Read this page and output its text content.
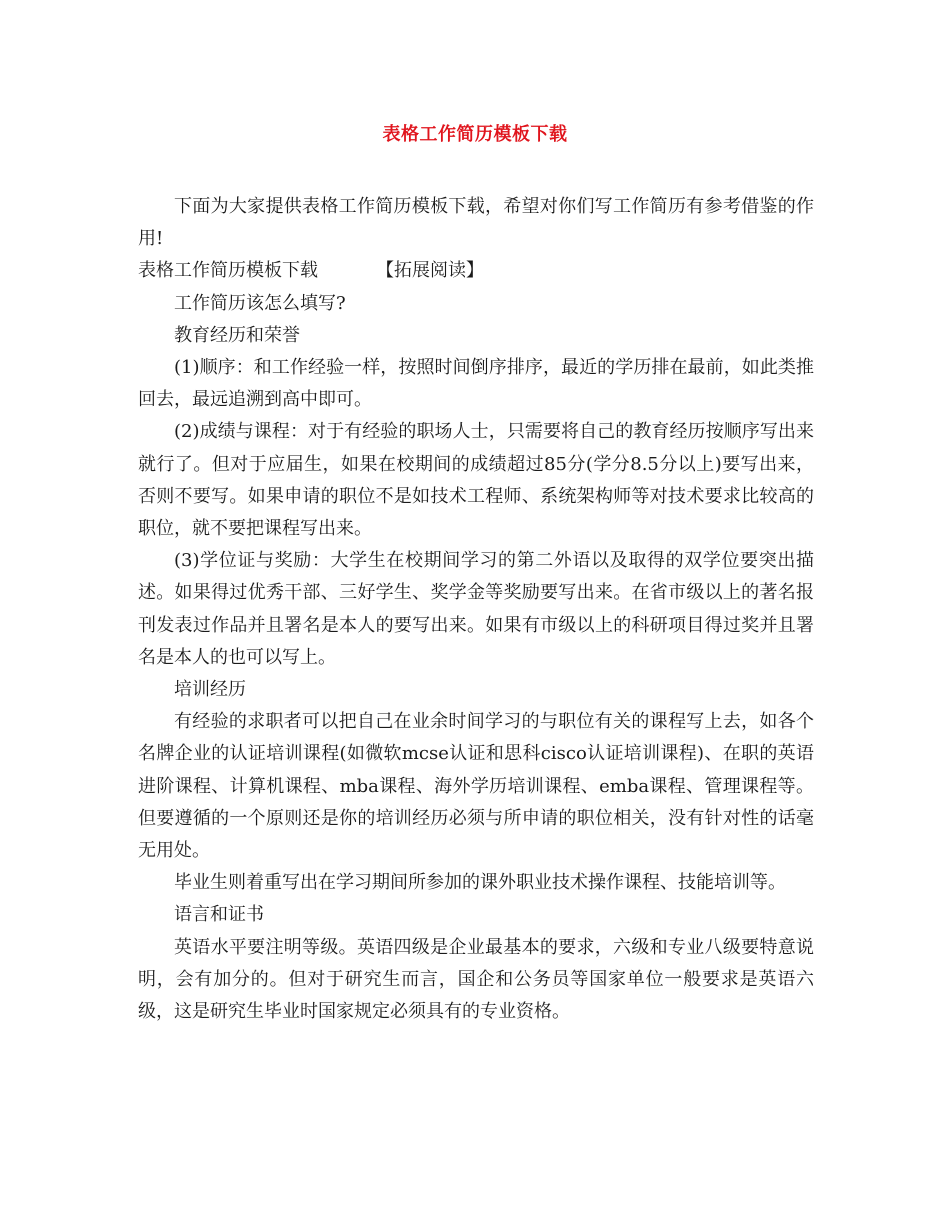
表格工作简历模板下载

下面为大家提供表格工作简历模板下载，希望对你们写工作简历有参考借鉴的作用!

表格工作简历模板下载	【拓展阅读】

工作简历该怎么填写?

教育经历和荣誉

(1)顺序：和工作经验一样，按照时间倒序排序，最近的学历排在最前，如此类推回去，最远追溯到高中即可。

(2)成绩与课程：对于有经验的职场人士，只需要将自己的教育经历按顺序写出来就行了。但对于应届生，如果在校期间的成绩超过85分(学分8.5分以上)要写出来，否则不要写。如果申请的职位不是如技术工程师、系统架构师等对技术要求比较高的职位，就不要把课程写出来。

(3)学位证与奖励：大学生在校期间学习的第二外语以及取得的双学位要突出描述。如果得过优秀干部、三好学生、奖学金等奖励要写出来。在省市级以上的著名报刊发表过作品并且署名是本人的要写出来。如果有市级以上的科研项目得过奖并且署名是本人的也可以写上。

培训经历

有经验的求职者可以把自己在业余时间学习的与职位有关的课程写上去，如各个名牌企业的认证培训课程(如微软mcse认证和思科cisco认证培训课程)、在职的英语进阶课程、计算机课程、mba课程、海外学历培训课程、emba课程、管理课程等。但要遵循的一个原则还是你的培训经历必须与所申请的职位相关，没有针对性的话毫无用处。

毕业生则着重写出在学习期间所参加的课外职业技术操作课程、技能培训等。

语言和证书

英语水平要注明等级。英语四级是企业最基本的要求，六级和专业八级要特意说明，会有加分的。但对于研究生而言，国企和公务员等国家单位一般要求是英语六级，这是研究生毕业时国家规定必须具有的专业资格。
